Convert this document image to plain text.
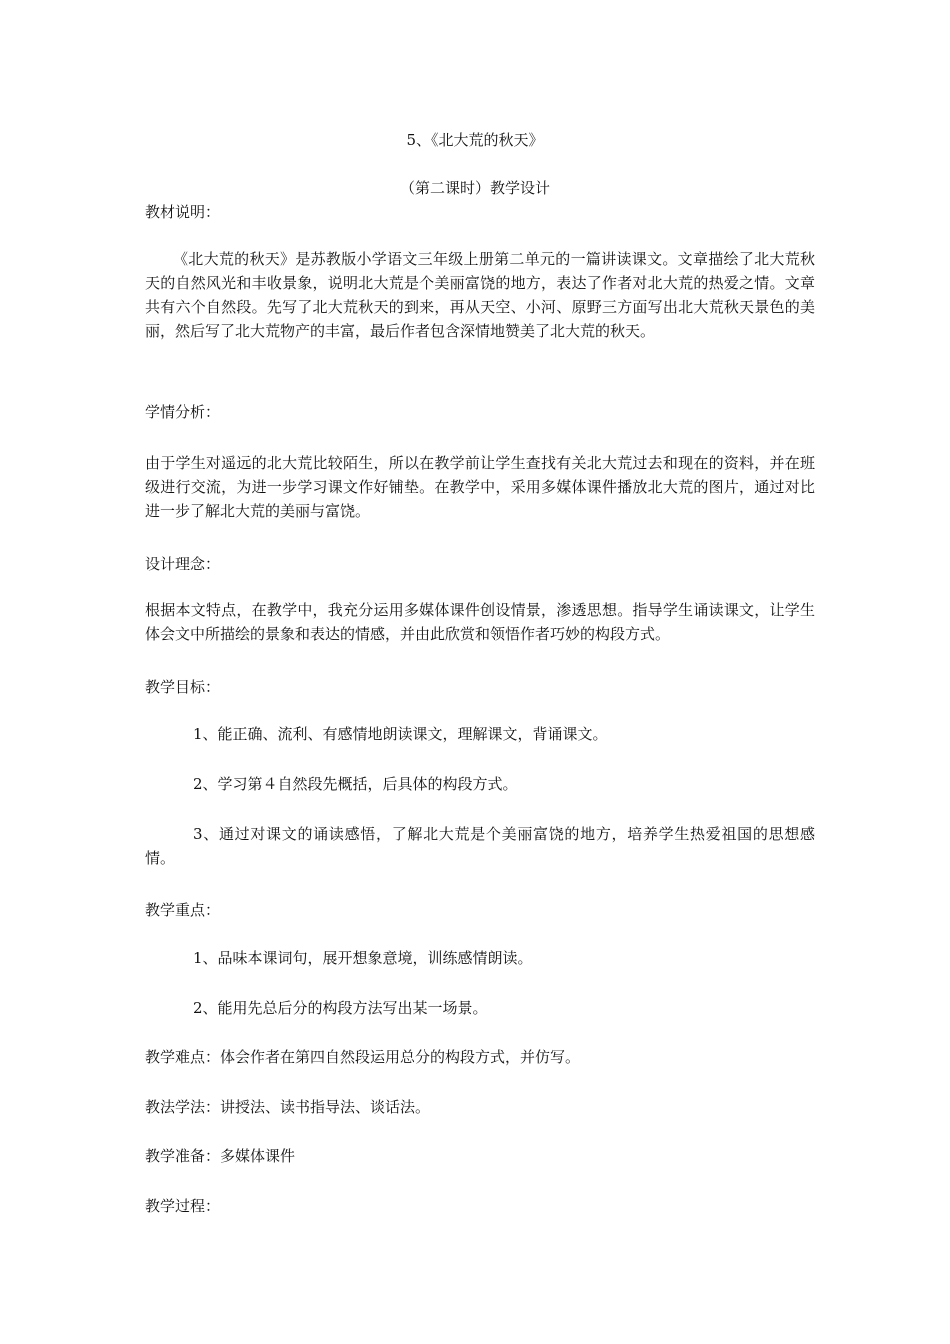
5、《北大荒的秋天》

（第二课时）教学设计

教材说明：

《北大荒的秋天》是苏教版小学语文三年级上册第二单元的一篇讲读课文。文章描绘了北大荒秋天的自然风光和丰收景象，说明北大荒是个美丽富饶的地方，表达了作者对北大荒的热爱之情。文章共有六个自然段。先写了北大荒秋天的到来，再从天空、小河、原野三方面写出北大荒秋天景色的美丽，然后写了北大荒物产的丰富，最后作者包含深情地赞美了北大荒的秋天。

学情分析：

由于学生对遥远的北大荒比较陌生，所以在教学前让学生查找有关北大荒过去和现在的资料，并在班级进行交流，为进一步学习课文作好铺垫。在教学中，采用多媒体课件播放北大荒的图片，通过对比进一步了解北大荒的美丽与富饶。

设计理念：

根据本文特点，在教学中，我充分运用多媒体课件创设情景，渗透思想。指导学生诵读课文，让学生体会文中所描绘的景象和表达的情感，并由此欣赏和领悟作者巧妙的构段方式。

教学目标：

1、能正确、流利、有感情地朗读课文，理解课文，背诵课文。

2、学习第４自然段先概括，后具体的构段方式。

3、通过对课文的诵读感悟，了解北大荒是个美丽富饶的地方，培养学生热爱祖国的思想感情。

教学重点：

1、品味本课词句，展开想象意境，训练感情朗读。

2、能用先总后分的构段方法写出某一场景。

教学难点：体会作者在第四自然段运用总分的构段方式，并仿写。

教法学法：讲授法、读书指导法、谈话法。

教学准备：多媒体课件

教学过程：
